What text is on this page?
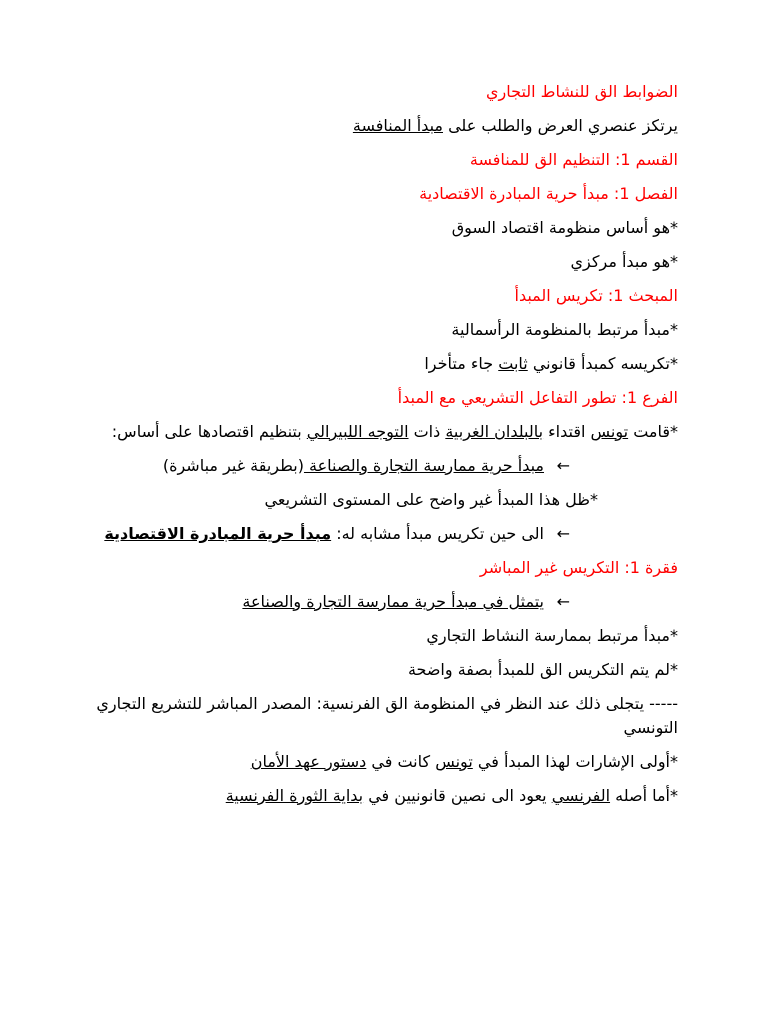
الضوابط الق للنشاط التجاري
يرتكز عنصري العرض والطلب على مبدأ المنافسة
القسم 1: التنظيم الق للمنافسة
الفصل 1: مبدأ حرية المبادرة الاقتصادية
*هو أساس منظومة اقتصاد السوق
*هو مبدأ مركزي
المبحث 1: تكريس المبدأ
*مبدأ مرتبط بالمنظومة الرأسمالية
*تكريسه كمبدأ قانوني ثابت جاء متأخرا
الفرع 1: تطور التفاعل التشريعي مع المبدأ
*قامت تونس اقتداء بالبلدان الغربية ذات التوجه اللبيرالي بتنظيم اقتصادها على أساس:
←
مبدأ حرية ممارسة التجارة والصناعة (بطريقة غير مباشرة)
*ظل هذا المبدأ غير واضح على المستوى التشريعي
←
الى حين تكريس مبدأ مشابه له: مبدأ حرية المبادرة الاقتصادية
فقرة 1: التكريس غير المباشر
←
يتمثل في مبدأ حرية ممارسة التجارة والصناعة
*مبدأ مرتبط بممارسة النشاط التجاري
*لم يتم التكريس الق للمبدأ بصفة واضحة
----- يتجلى ذلك عند النظر في المنظومة الق الفرنسية: المصدر المباشر للتشريع التجاري التونسي
*أولى الإشارات لهذا المبدأ في تونس كانت في دستور عهد الأمان
*أما أصله الفرنسي يعود الى نصين قانونيين في بداية الثورة الفرنسية
